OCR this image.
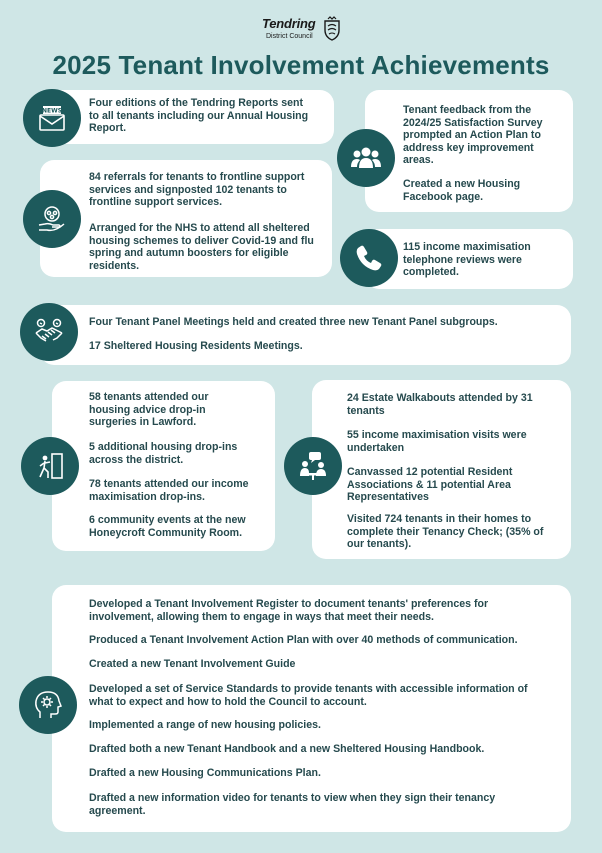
Tendring
District Council
2025 Tenant Involvement Achievements
NEWS
Four editions of the Tendring Reports sent
to all tenants including our Annual Housing
Report.
84 referrals for tenants to frontline support
services and signposted 102 tenants to
frontline support services.
Arranged for the NHS to attend all sheltered
housing schemes to deliver Covid-19 and flu
spring and autumn boosters for eligible
residents.
Tenant feedback from the
2024/25 Satisfaction Survey
prompted an Action Plan to
address key improvement
areas.
Created a new Housing
Facebook page.
115 income maximisation
telephone reviews were
completed.
Four Tenant Panel Meetings held and created three new Tenant Panel subgroups.
17 Sheltered Housing Residents Meetings.
58 tenants attended our
housing advice drop-in
surgeries in Lawford.
5 additional housing drop-ins
across the district.
78 tenants attended our income
maximisation drop-ins.
6 community events at the new
Honeycroft Community Room.
24 Estate Walkabouts attended by 31
tenants
55 income maximisation visits were
undertaken
Canvassed 12 potential Resident
Associations & 11 potential Area
Representatives
Visited 724 tenants in their homes to
complete their Tenancy Check; (35% of
our tenants).
Developed a Tenant Involvement Register to document tenants' preferences for
involvement, allowing them to engage in ways that meet their needs.
Produced a Tenant Involvement Action Plan with over 40 methods of communication.
Created a new Tenant Involvement Guide
Developed a set of Service Standards to provide tenants with accessible information of
what to expect and how to hold the Council to account.
Implemented a range of new housing policies.
Drafted both a new Tenant Handbook and a new Sheltered Housing Handbook.
Drafted a new Housing Communications Plan.
Drafted a new information video for tenants to view when they sign their tenancy
agreement.
